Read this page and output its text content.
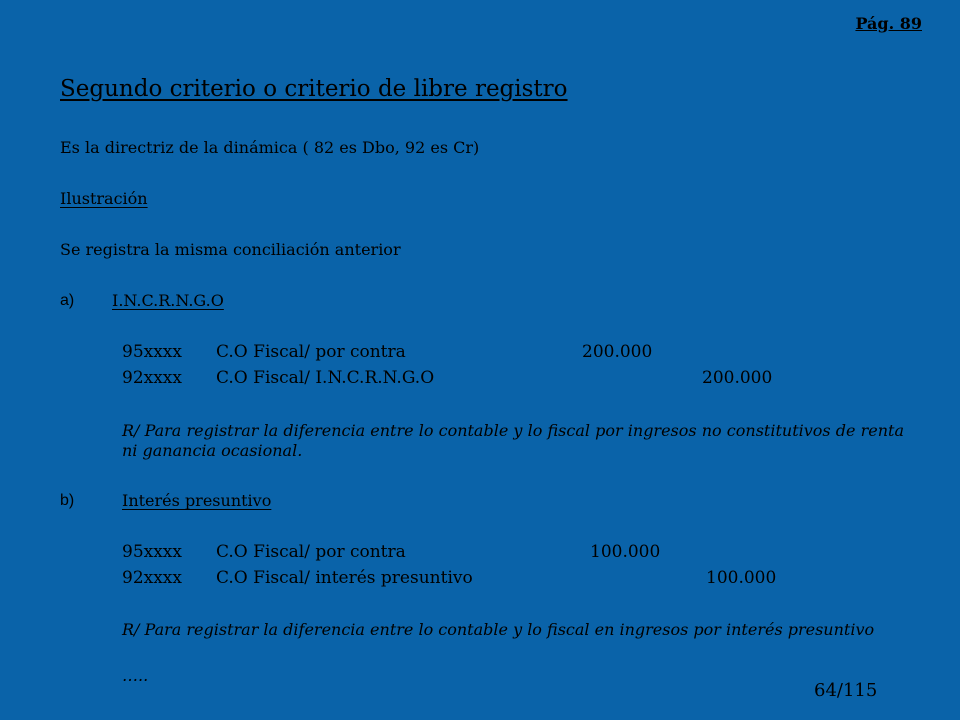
Pág. 89
Segundo criterio o criterio de libre registro
Es la directriz de la dinámica ( 82 es Dbo, 92 es Cr)
Ilustración
Se registra la misma conciliación anterior
a) I.N.C.R.N.G.O
95xxxx C.O Fiscal/ por contra	200.000
92xxxx C.O Fiscal/ I.N.C.R.N.G.O	200.000
R/ Para registrar la diferencia entre lo contable y lo fiscal por ingresos no constitutivos de renta ni ganancia ocasional.
b)	Interés presuntivo
95xxxx C.O Fiscal/ por contra	100.000
92xxxx C.O Fiscal/ interés presuntivo	100.000
R/ Para registrar la diferencia entre lo contable y lo fiscal en ingresos por interés presuntivo
…..
64/115
